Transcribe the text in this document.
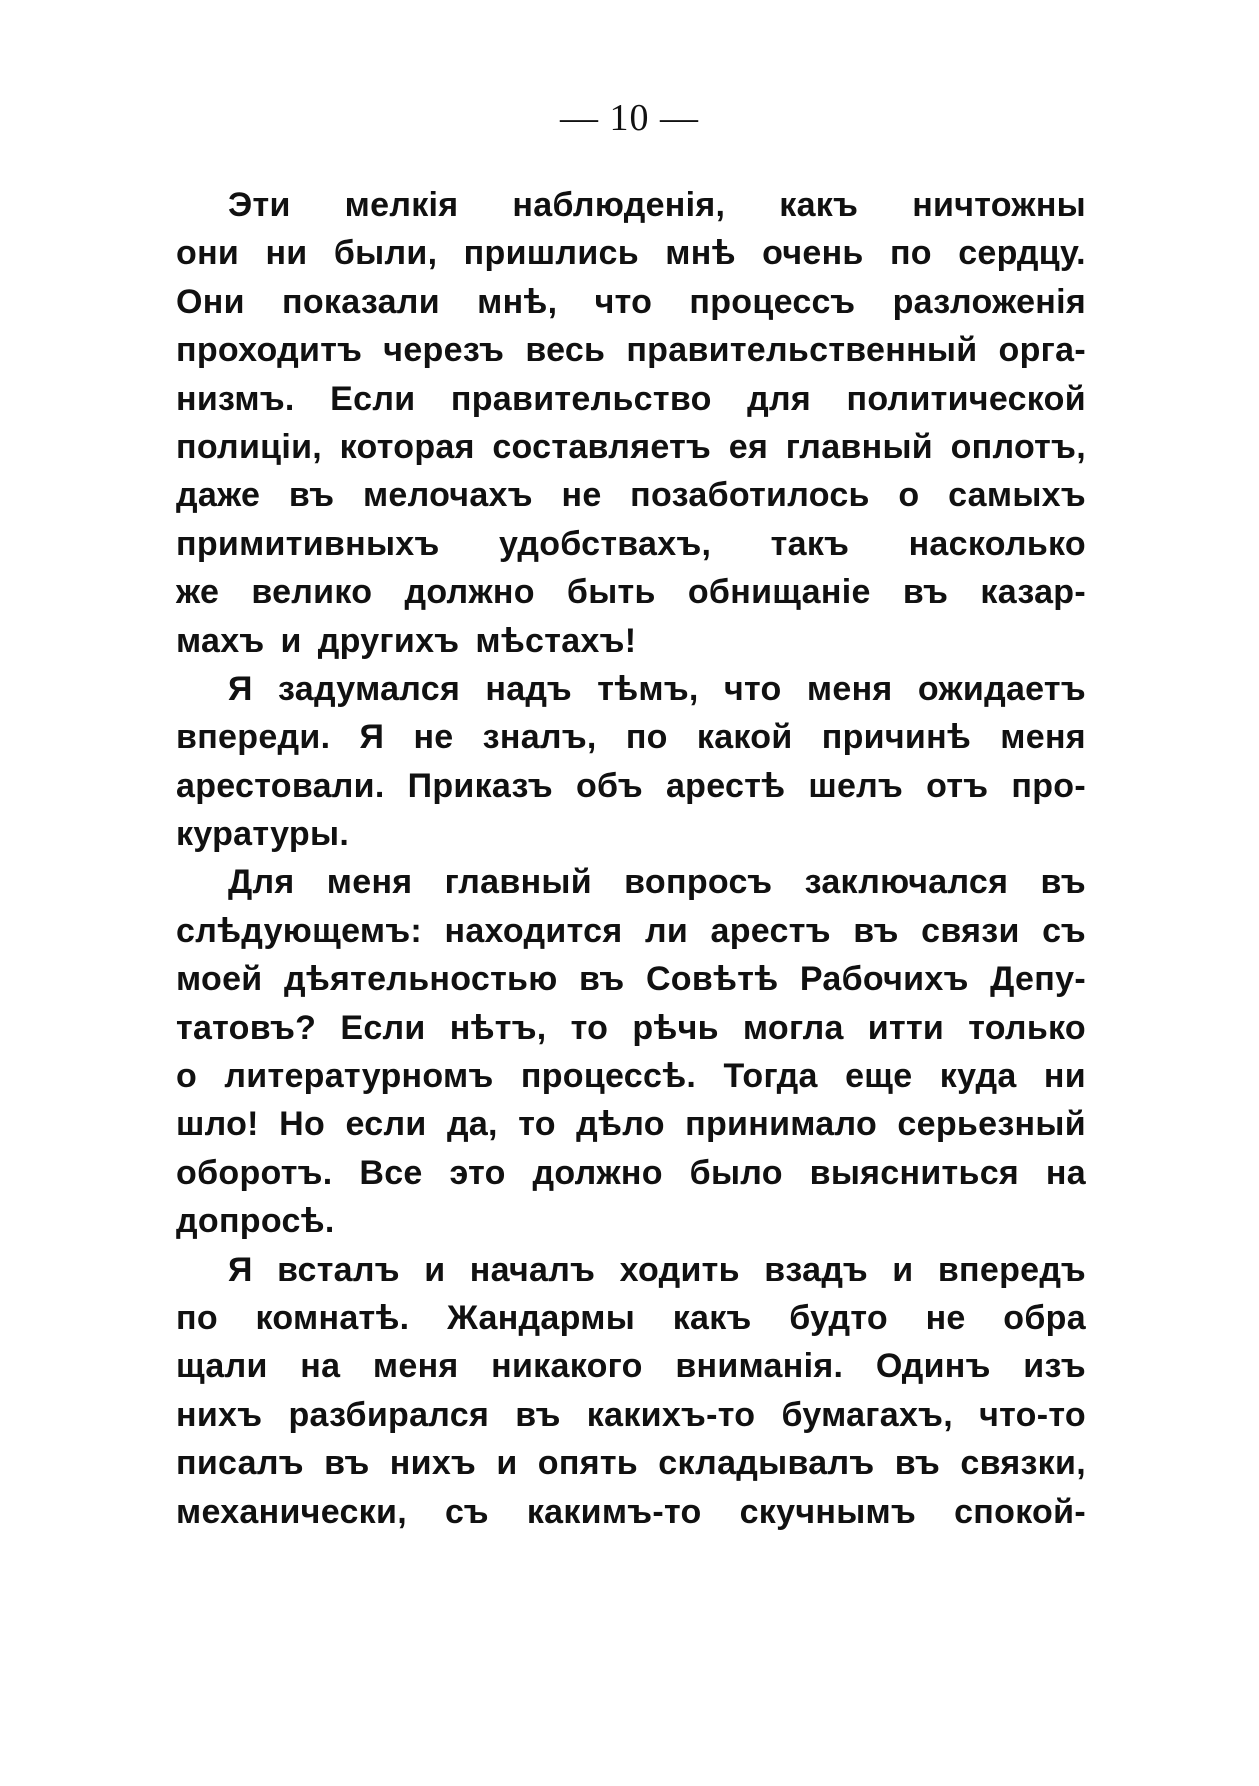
— 10 —
Эти мелкія наблюденія, какъ ничтожны
они ни были, пришлись мнѣ очень по сердцу.
Они показали мнѣ, что процессъ разложенія
проходитъ черезъ весь правительственный орга-
низмъ. Если правительство для политической
полиціи, которая составляетъ ея главный оплотъ,
даже въ мелочахъ не позаботилось о самыхъ
примитивныхъ удобствахъ, такъ насколько
же велико должно быть обнищаніе въ казар-
махъ и другихъ мѣстахъ!
Я задумался надъ тѣмъ, что меня ожидаетъ
впереди. Я не зналъ, по какой причинѣ меня
арестовали. Приказъ объ арестѣ шелъ отъ про-
куратуры.
Для меня главный вопросъ заключался въ
слѣдующемъ: находится ли арестъ въ связи съ
моей дѣятельностью въ Совѣтѣ Рабочихъ Депу-
татовъ? Если нѣтъ, то рѣчь могла итти только
о литературномъ процессѣ. Тогда еще куда ни
шло! Но если да, то дѣло принимало серьезный
оборотъ. Все это должно было выясниться на
допросѣ.
Я всталъ и началъ ходить взадъ и впередъ
по комнатѣ. Жандармы какъ будто не обра
щали на меня никакого вниманія. Одинъ изъ
нихъ разбирался въ какихъ-то бумагахъ, что-то
писалъ въ нихъ и опять складывалъ въ связки,
механически, съ какимъ-то скучнымъ спокой-
